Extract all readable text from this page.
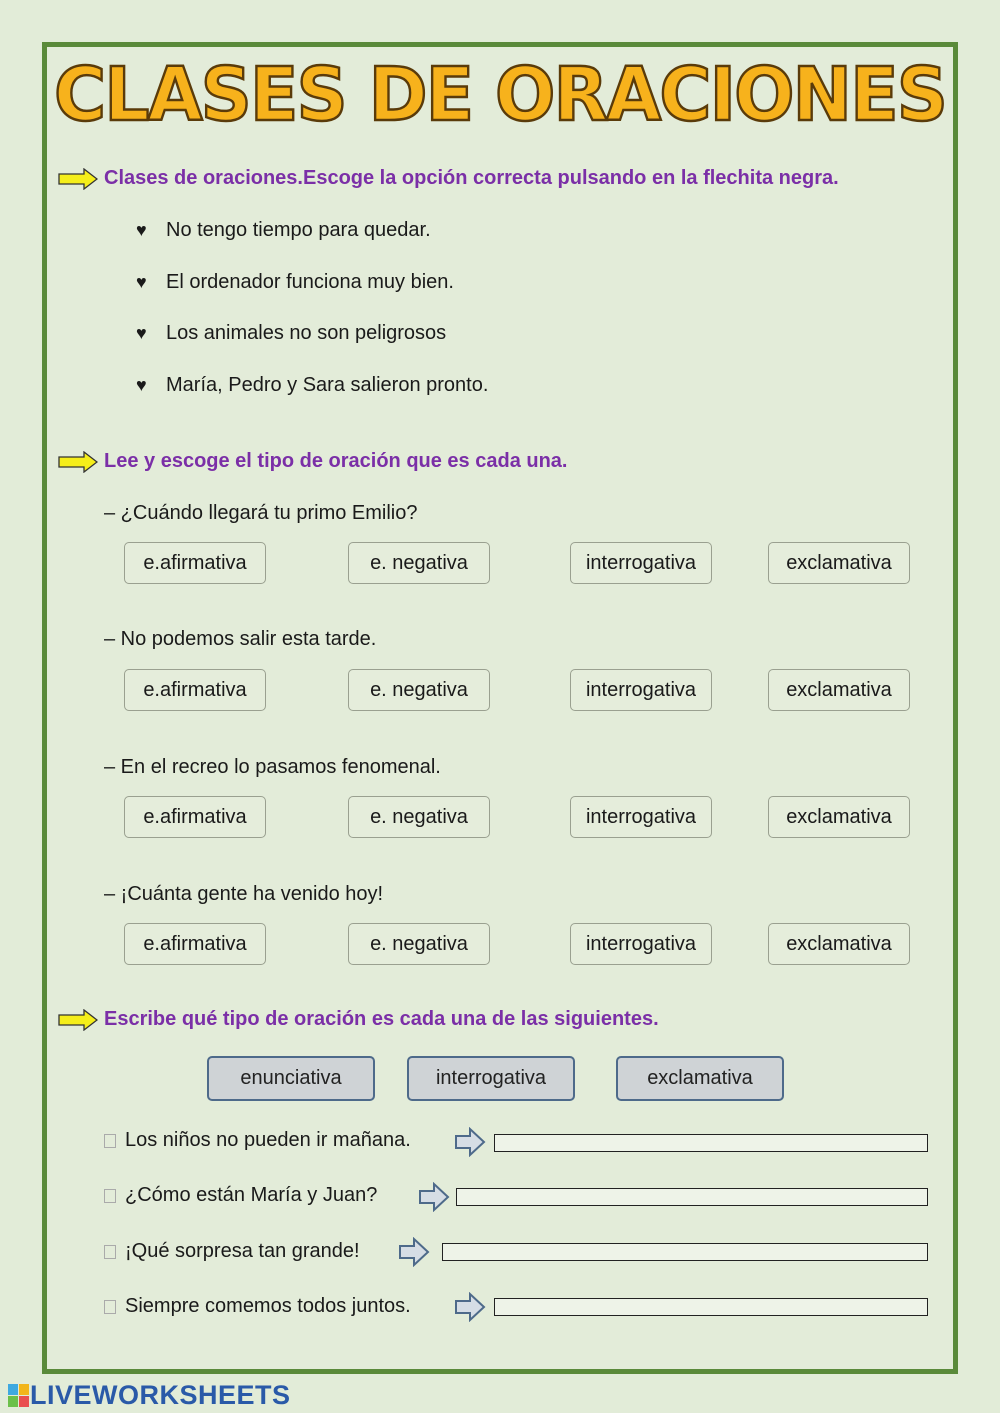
CLASES DE ORACIONES
Clases de oraciones.Escoge la opción correcta pulsando en la flechita negra.
♥ No tengo tiempo para quedar.
♥ El ordenador funciona muy bien.
♥ Los animales no son peligrosos
♥ María, Pedro y Sara salieron pronto.
Lee y escoge el tipo de oración que es cada una.
– ¿Cuándo llegará tu primo Emilio?
e.afirmativa	e. negativa	interrogativa	exclamativa
– No podemos salir esta tarde.
e.afirmativa	e. negativa	interrogativa	exclamativa
– En el recreo lo pasamos fenomenal.
e.afirmativa	e. negativa	interrogativa	exclamativa
– ¡Cuánta gente ha venido hoy!
e.afirmativa	e. negativa	interrogativa	exclamativa
Escribe qué tipo de oración es cada una de las siguientes.
enunciativa	interrogativa	exclamativa
Los niños no pueden ir mañana.
¿Cómo están María y Juan?
¡Qué sorpresa tan grande!
Siempre comemos todos juntos.
LIVEWORKSHEETS
